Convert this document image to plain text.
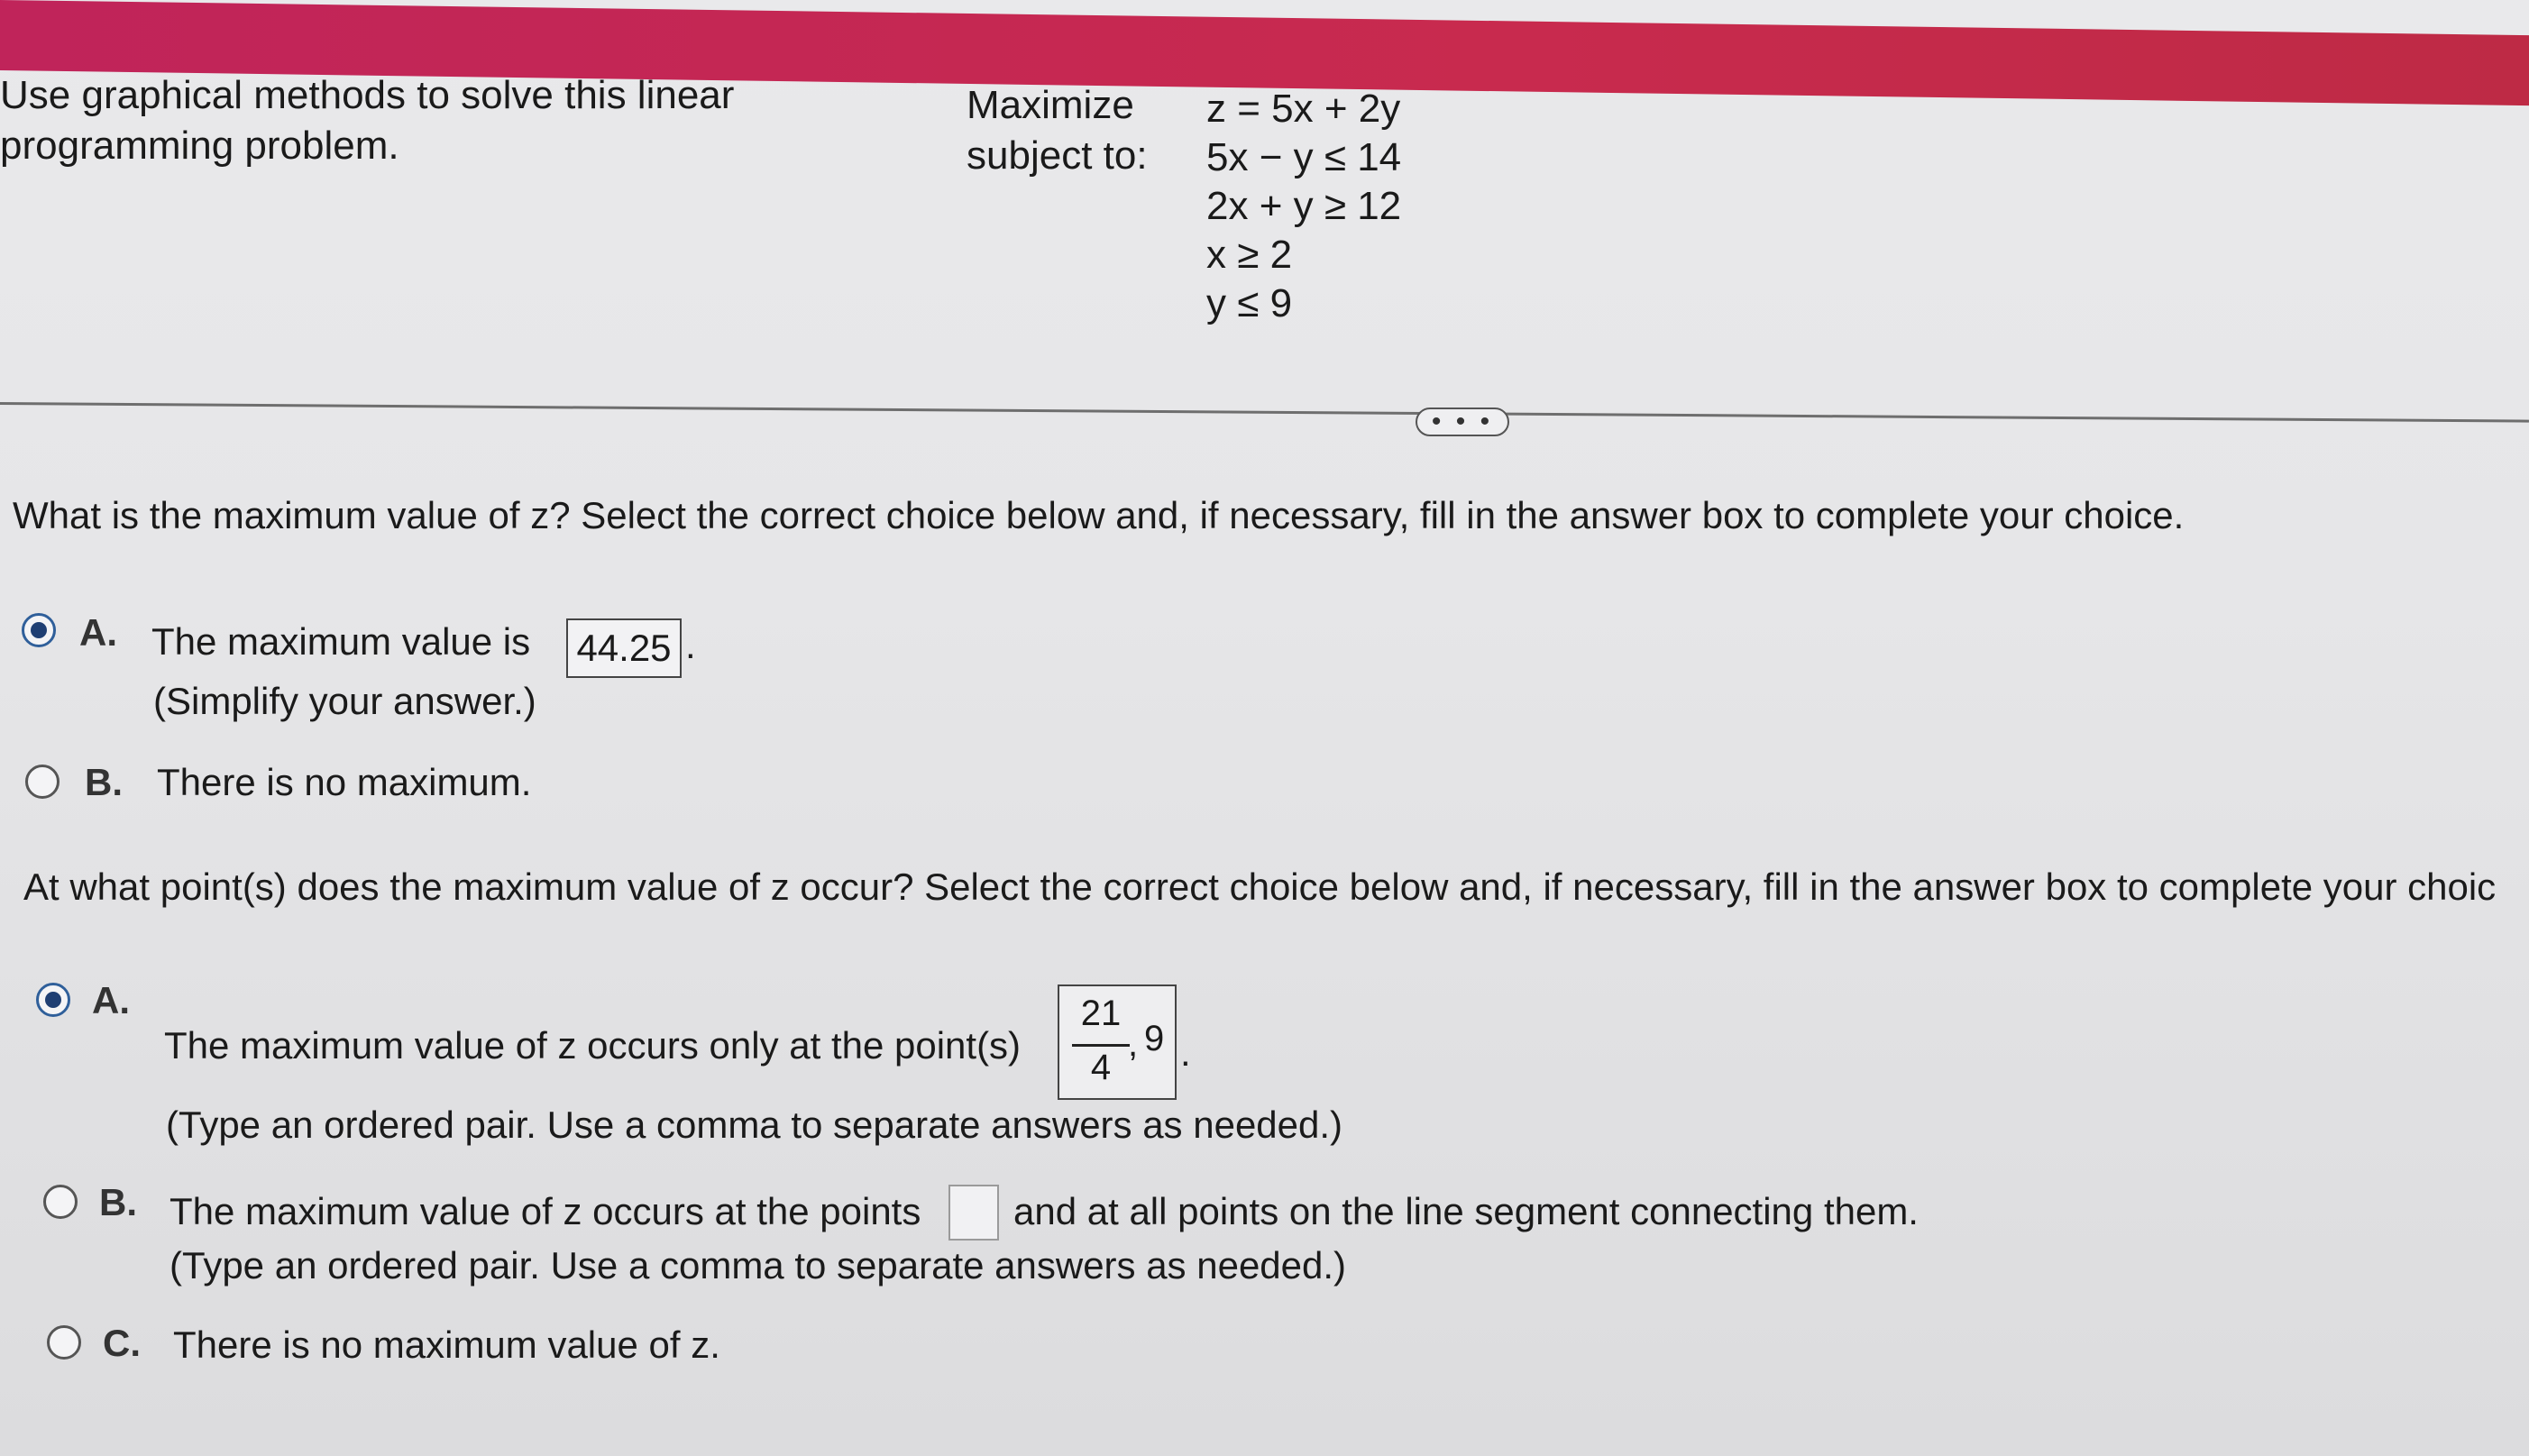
Use graphical methods to solve this linear
programming problem.
Maximize
subject to:
z = 5x + 2y
5x − y ≤ 14
2x + y ≥ 12
x ≥ 2
y ≤ 9
• • •
What is the maximum value of z? Select the correct choice below and, if necessary, fill in the answer box to complete your choice.
A. The maximum value is 44.25 .
(Simplify your answer.)
B. There is no maximum.
At what point(s) does the maximum value of z occur? Select the correct choice below and, if necessary, fill in the answer box to complete your choic
A.
The maximum value of z occurs only at the point(s)
21
4
, 9 .
(Type an ordered pair. Use a comma to separate answers as needed.)
B. The maximum value of z occurs at the points and at all points on the line segment connecting them.
(Type an ordered pair. Use a comma to separate answers as needed.)
C. There is no maximum value of z.
